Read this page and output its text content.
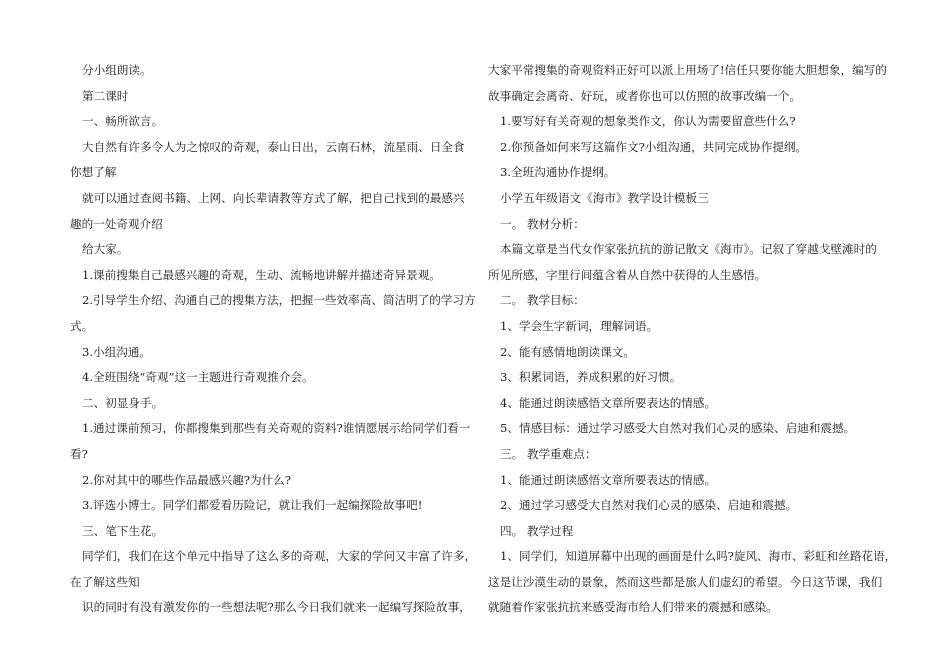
分小组朗读。
第二课时
一、畅所欲言。
大自然有许多令人为之惊叹的奇观，泰山日出，云南石林，流星雨、日全食
你想了解
就可以通过查阅书籍、上网、向长辈请教等方式了解，把自己找到的最感兴
趣的一处奇观介绍
给大家。
1.课前搜集自己最感兴趣的奇观，生动、流畅地讲解并描述奇异景观。
2.引导学生介绍、沟通自己的搜集方法，把握一些效率高、简洁明了的学习方
式。
3.小组沟通。
4.全班围绕“奇观”这一主题进行奇观推介会。
二、初显身手。
1.通过课前预习，你都搜集到那些有关奇观的资料?谁情愿展示给同学们看一
看?
2.你对其中的哪些作品最感兴趣?为什么?
3.评选小博士。同学们都爱看历险记，就让我们一起编探险故事吧!
三、笔下生花。
同学们，我们在这个单元中指导了这么多的奇观，大家的学问又丰富了许多，
在了解这些知
识的同时有没有激发你的一些想法呢?那么今日我们就来一起编写探险故事，
大家平常搜集的奇观资料正好可以派上用场了!信任只要你能大胆想象，编写的
故事确定会离奇、好玩，或者你也可以仿照的故事改编一个。
1.要写好有关奇观的想象类作文，你认为需要留意些什么?
2.你预备如何来写这篇作文?小组沟通，共同完成协作提纲。
3.全班沟通协作提纲。
小学五年级语文《海市》教学设计模板三
一。 教材分析：
本篇文章是当代女作家张抗抗的游记散文《海市》。记叙了穿越戈壁滩时的
所见所感，字里行间蕴含着从自然中获得的人生感悟。
二。 教学目标：
1、学会生字新词，理解词语。
2、能有感情地朗读课文。
3、积累词语，养成积累的好习惯。
4、能通过朗读感悟文章所要表达的情感。
5、情感目标：通过学习感受大自然对我们心灵的感染、启迪和震撼。
三。 教学重难点：
1、能通过朗读感悟文章所要表达的情感。
2、通过学习感受大自然对我们心灵的感染、启迪和震撼。
四。 教学过程
1、同学们，知道屏幕中出现的画面是什么吗?旋风、海市、彩虹和丝路花语，
这是让沙漠生动的景象，然而这些都是旅人们虚幻的希望。今日这节课，我们
就随着作家张抗抗来感受海市给人们带来的震撼和感染。
